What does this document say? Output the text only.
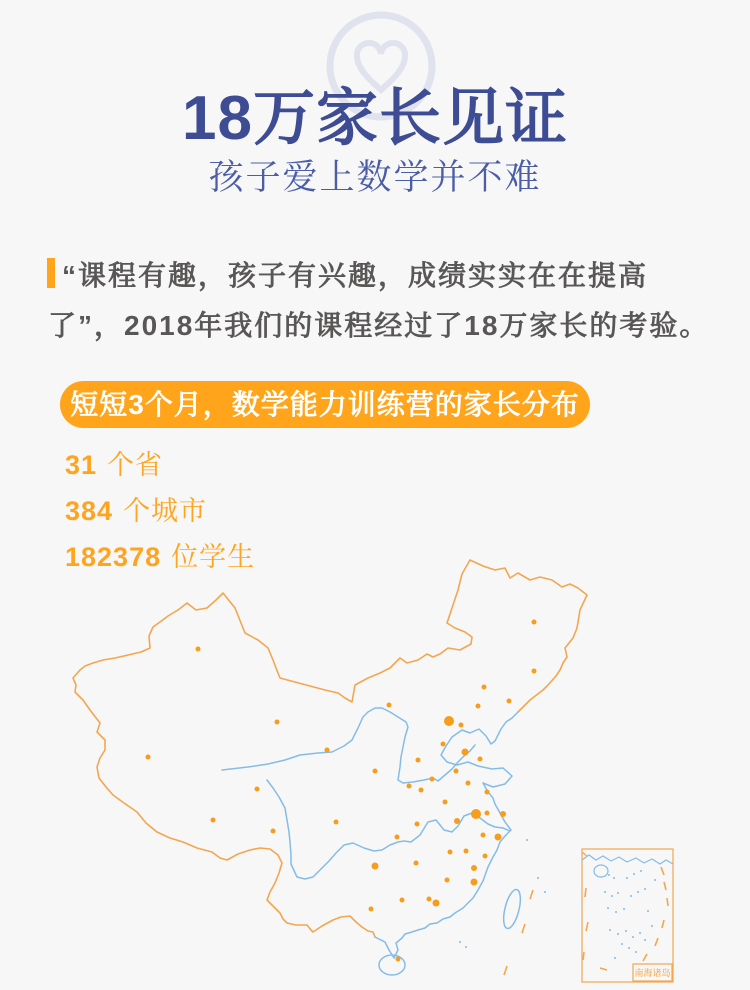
18万家长见证
孩子爱上数学并不难
“课程有趣，孩子有兴趣，成绩实实在在提高了”，2018年我们的课程经过了18万家长的考验。
短短3个月，数学能力训练营的家长分布
31 个省
384 个城市
182378 位学生
南海诸岛
